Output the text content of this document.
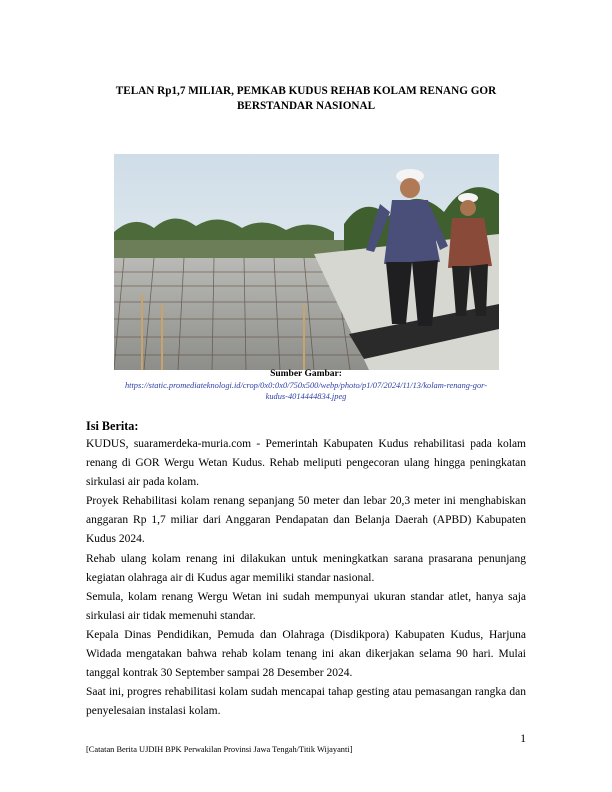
TELAN Rp1,7 MILIAR, PEMKAB KUDUS REHAB KOLAM RENANG GOR
BERSTANDAR NASIONAL
Sumber Gambar:
https://static.promediateknologi.id/crop/0x0:0x0/750x500/webp/photo/p1/07/2024/11/13/kolam-renang-gor-
kudus-4014444834.jpeg
Isi Berita:

KUDUS, suaramerdeka-muria.com - Pemerintah Kabupaten Kudus rehabilitasi pada kolam renang di GOR Wergu Wetan Kudus. Rehab meliputi pengecoran ulang hingga peningkatan sirkulasi air pada kolam.

Proyek Rehabilitasi kolam renang sepanjang 50 meter dan lebar 20,3 meter ini menghabiskan anggaran Rp 1,7 miliar dari Anggaran Pendapatan dan Belanja Daerah (APBD) Kabupaten Kudus 2024.

Rehab ulang kolam renang ini dilakukan untuk meningkatkan sarana prasarana penunjang kegiatan olahraga air di Kudus agar memiliki standar nasional.

Semula, kolam renang Wergu Wetan ini sudah mempunyai ukuran standar atlet, hanya saja sirkulasi air tidak memenuhi standar.

Kepala Dinas Pendidikan, Pemuda dan Olahraga (Disdikpora) Kabupaten Kudus, Harjuna Widada mengatakan bahwa rehab kolam tenang ini akan dikerjakan selama 90 hari. Mulai tanggal kontrak 30 September sampai 28 Desember 2024.

Saat ini, progres rehabilitasi kolam sudah mencapai tahap gesting atau pemasangan rangka dan penyelesaian instalasi kolam.

1
[Catatan Berita UJDIH BPK Perwakilan Provinsi Jawa Tengah/Titik Wijayanti]
